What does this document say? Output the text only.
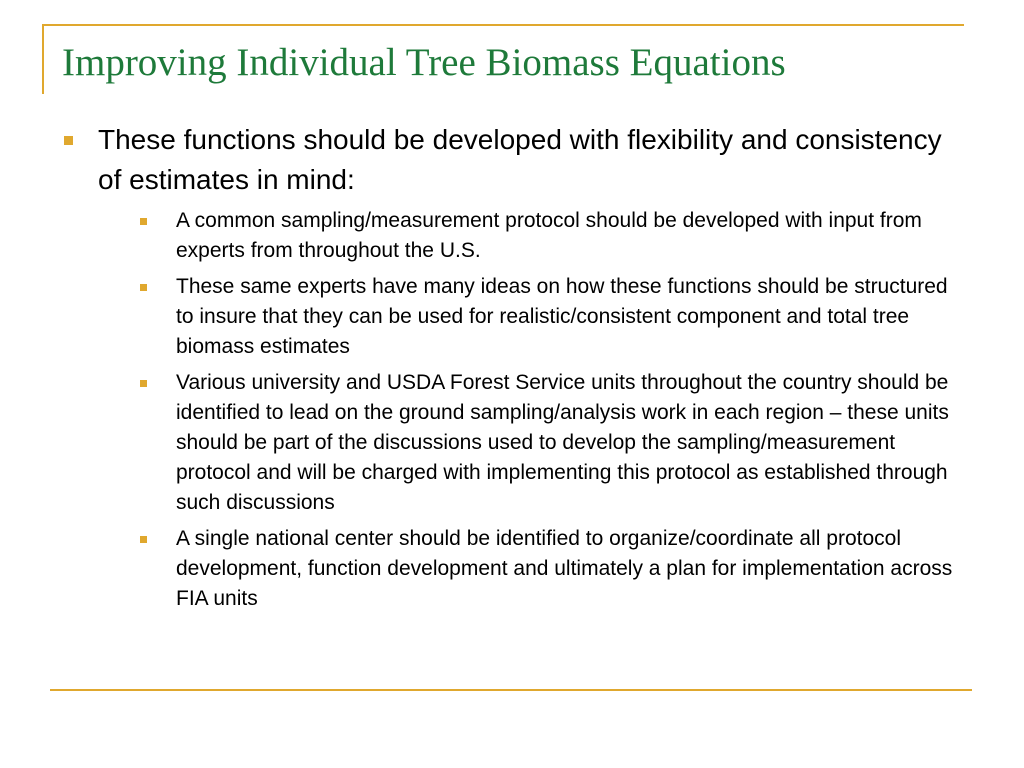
Improving Individual Tree Biomass Equations

These functions should be developed with flexibility and consistency of estimates in mind:

A common sampling/measurement protocol should be developed with input from experts from throughout the U.S.

These same experts have many ideas on how these functions should be structured to insure that they can be used for realistic/consistent component and total tree biomass estimates

Various university and USDA Forest Service units throughout the country should be identified to lead on the ground sampling/analysis work in each region – these units should be part of the discussions used to develop the sampling/measurement protocol and will be charged with implementing this protocol as established through such discussions

A single national center should be identified to organize/coordinate all protocol development, function development and ultimately a plan for implementation across FIA units
